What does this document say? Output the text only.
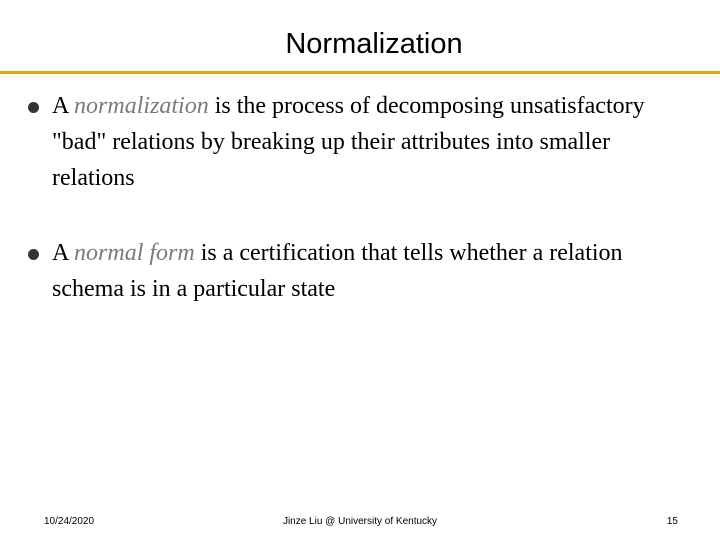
Normalization
A normalization is the process of decomposing unsatisfactory "bad" relations by breaking up their attributes into smaller relations
A normal form is a certification that tells whether a relation schema is in a particular state
10/24/2020	Jinze Liu @ University of Kentucky	15
